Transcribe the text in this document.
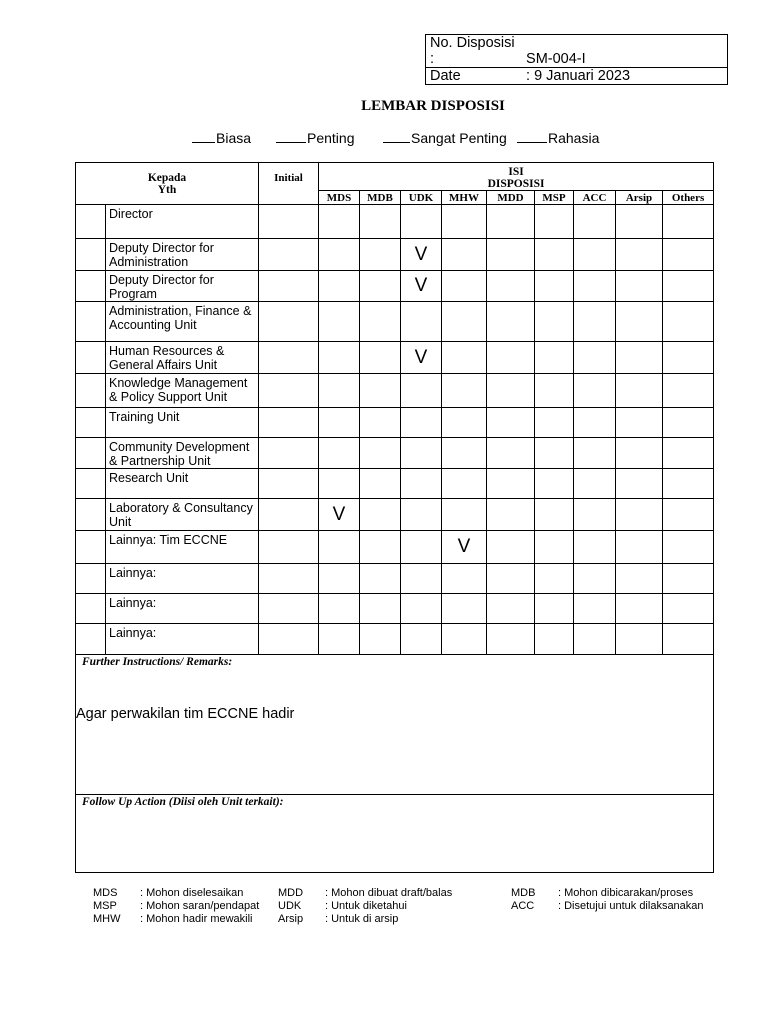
No. Disposisi :	SM-004-I
Date	: 9 Januari 2023
LEMBAR DISPOSISI
Biasa	Penting	Sangat Penting	Rahasia
Kepada
Yth		Initial	ISI
DISPOSISI								
			MDS	MDB	UDK	MHW	MDD	MSP	ACC	Arsip	Others
	Director										
	Deputy Director for Administration				V						
	Deputy Director for Program				V						
	Administration, Finance & Accounting Unit										
	Human Resources & General Affairs Unit				V						
	Knowledge Management & Policy Support Unit										
	Training Unit										
	Community Development & Partnership Unit										
	Research Unit										
	Laboratory & Consultancy Unit		V								
	Lainnya: Tim ECCNE					V					
	Lainnya:										
	Lainnya:										
	Lainnya:										

Further Instructions/ Remarks:
Agar perwakilan tim ECCNE hadir											

Follow Up Action (Diisi oleh Unit terkait):											
MDS : Mohon diselesaikan
MSP : Mohon saran/pendapat
MHW : Mohon hadir mewakili
MDD : Mohon dibuat draft/balas
UDK : Untuk diketahui
Arsip : Untuk di arsip
MDB : Mohon dibicarakan/proses
ACC : Disetujui untuk dilaksanakan
